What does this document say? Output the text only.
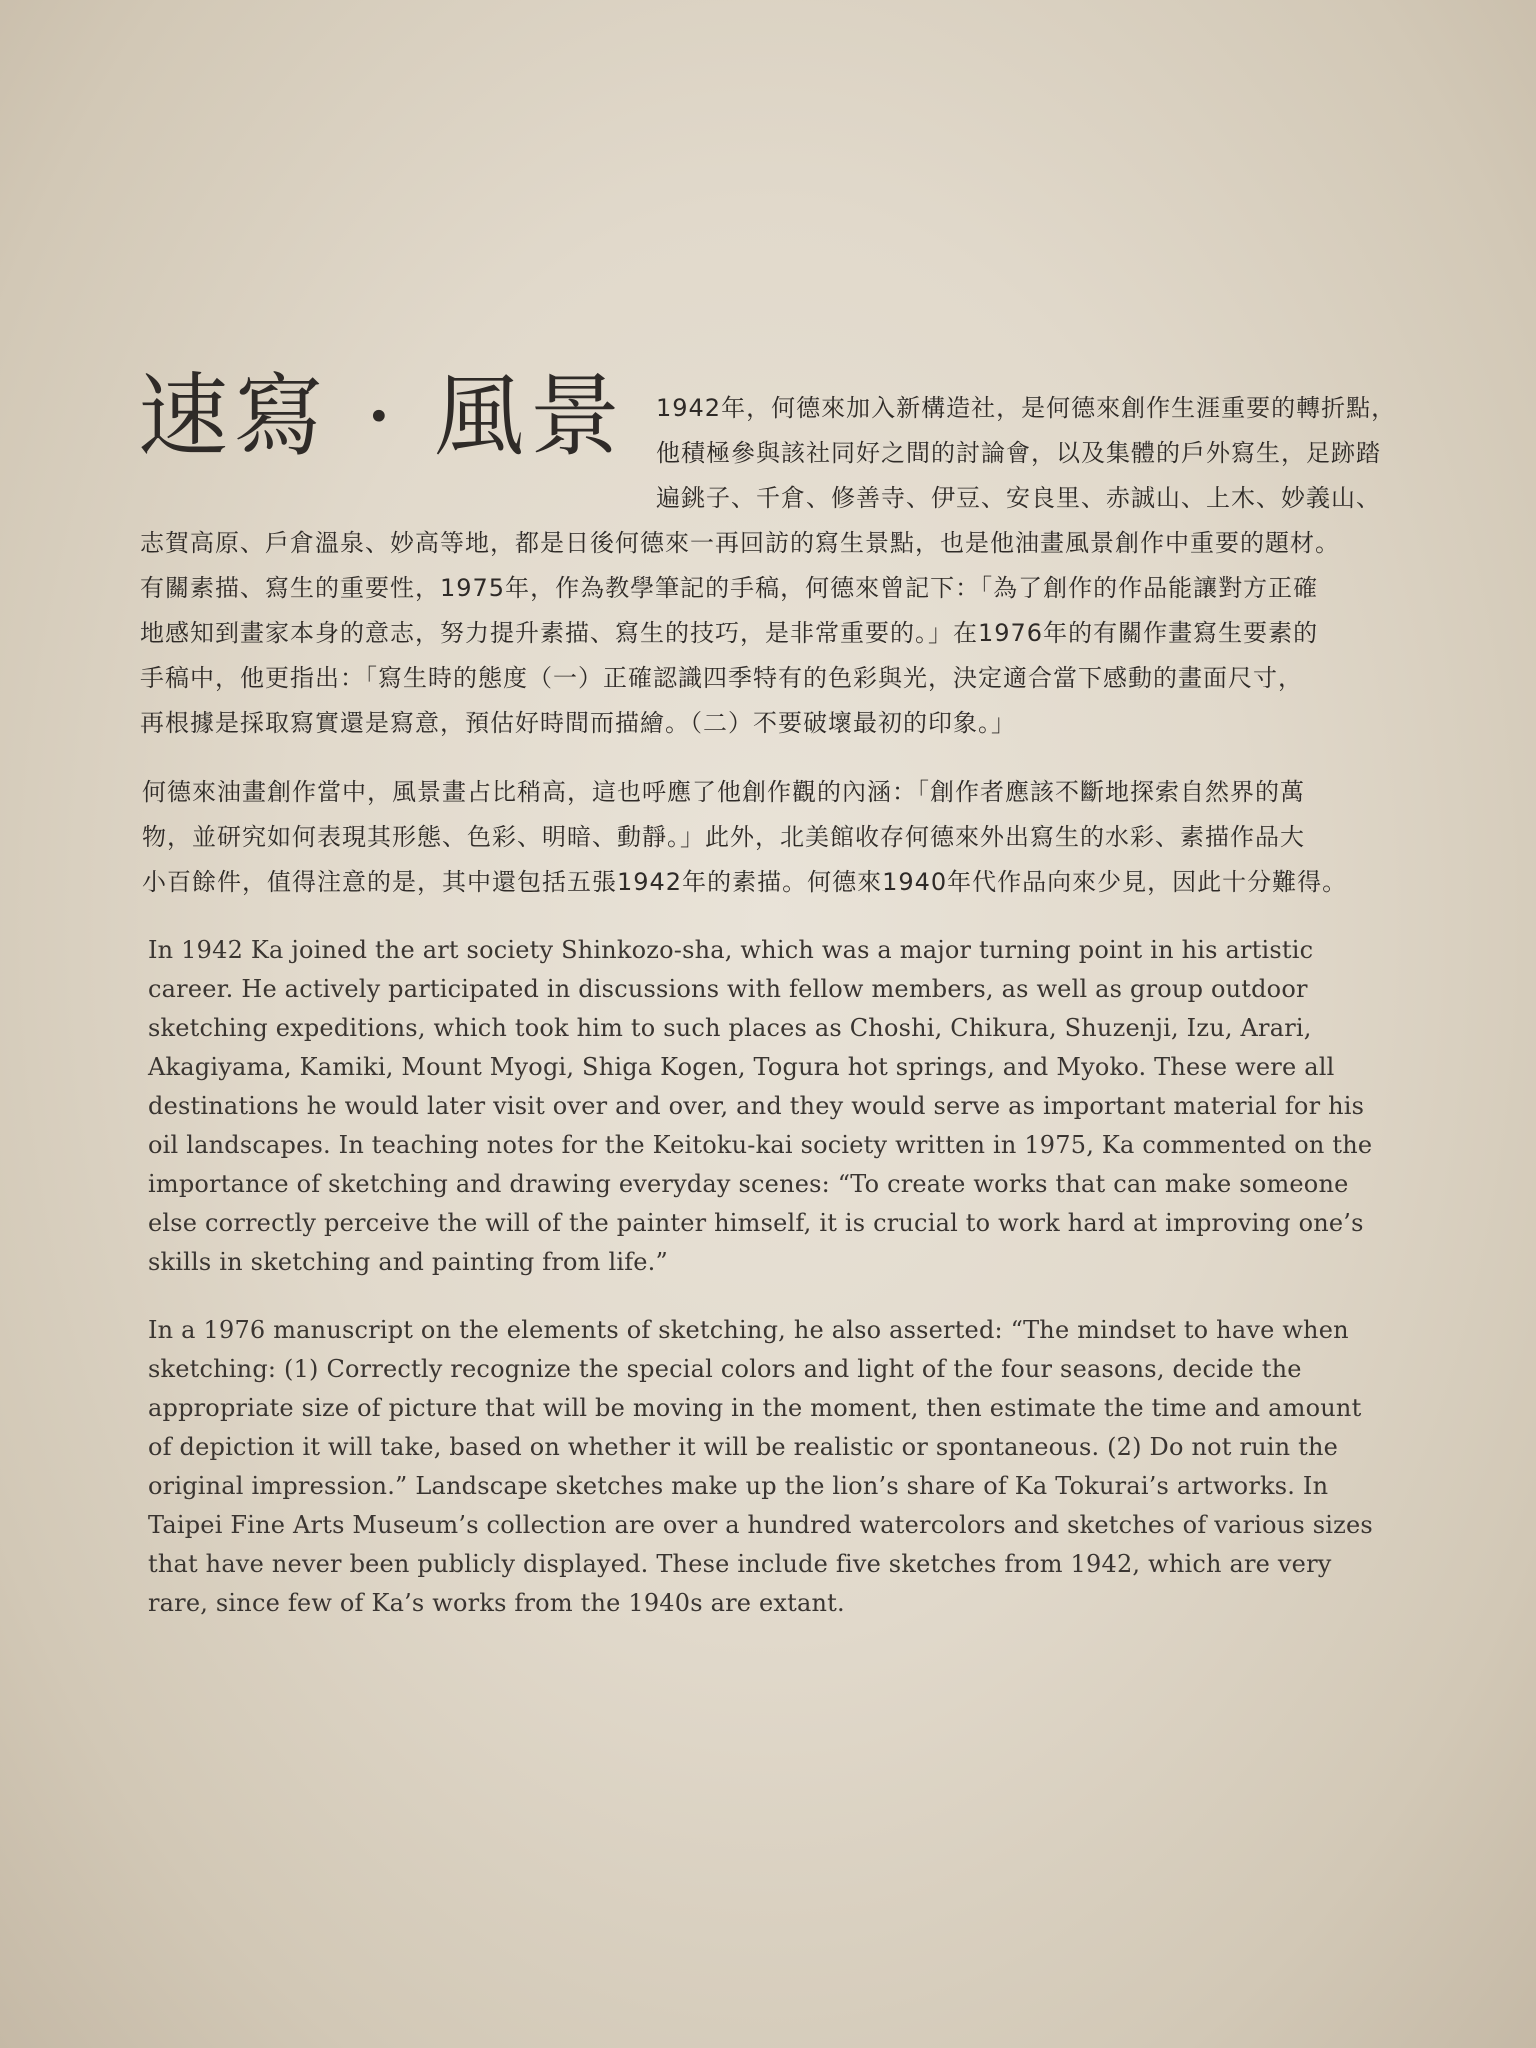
速寫 · 風景 1942年，何德來加入新構造社，是何德來創作生涯重要的轉折點，
他積極參與該社同好之間的討論會，以及集體的戶外寫生，足跡踏
遍銚子、千倉、修善寺、伊豆、安良里、赤誠山、上木、妙義山、
志賀高原、戶倉溫泉、妙高等地，都是日後何德來一再回訪的寫生景點，也是他油畫風景創作中重要的題材。
有關素描、寫生的重要性，1975年，作為教學筆記的手稿，何德來曾記下：「為了創作的作品能讓對方正確
地感知到畫家本身的意志，努力提升素描、寫生的技巧，是非常重要的。」在1976年的有關作畫寫生要素的
手稿中，他更指出：「寫生時的態度（一）正確認識四季特有的色彩與光，決定適合當下感動的畫面尺寸，
再根據是採取寫實還是寫意，預估好時間而描繪。（二）不要破壞最初的印象。」
何德來油畫創作當中，風景畫占比稍高，這也呼應了他創作觀的內涵：「創作者應該不斷地探索自然界的萬
物，並研究如何表現其形態、色彩、明暗、動靜。」此外，北美館收存何德來外出寫生的水彩、素描作品大
小百餘件，值得注意的是，其中還包括五張1942年的素描。何德來1940年代作品向來少見，因此十分難得。
In 1942 Ka joined the art society Shinkozo-sha, which was a major turning point in his artistic
career. He actively participated in discussions with fellow members, as well as group outdoor
sketching expeditions, which took him to such places as Choshi, Chikura, Shuzenji, Izu, Arari,
Akagiyama, Kamiki, Mount Myogi, Shiga Kogen, Togura hot springs, and Myoko. These were all
destinations he would later visit over and over, and they would serve as important material for his
oil landscapes. In teaching notes for the Keitoku-kai society written in 1975, Ka commented on the
importance of sketching and drawing everyday scenes: “To create works that can make someone
else correctly perceive the will of the painter himself, it is crucial to work hard at improving one’s
skills in sketching and painting from life.”
In a 1976 manuscript on the elements of sketching, he also asserted: “The mindset to have when
sketching: (1) Correctly recognize the special colors and light of the four seasons, decide the
appropriate size of picture that will be moving in the moment, then estimate the time and amount
of depiction it will take, based on whether it will be realistic or spontaneous. (2) Do not ruin the
original impression.” Landscape sketches make up the lion’s share of Ka Tokurai’s artworks. In
Taipei Fine Arts Museum’s collection are over a hundred watercolors and sketches of various sizes
that have never been publicly displayed. These include five sketches from 1942, which are very
rare, since few of Ka’s works from the 1940s are extant.
